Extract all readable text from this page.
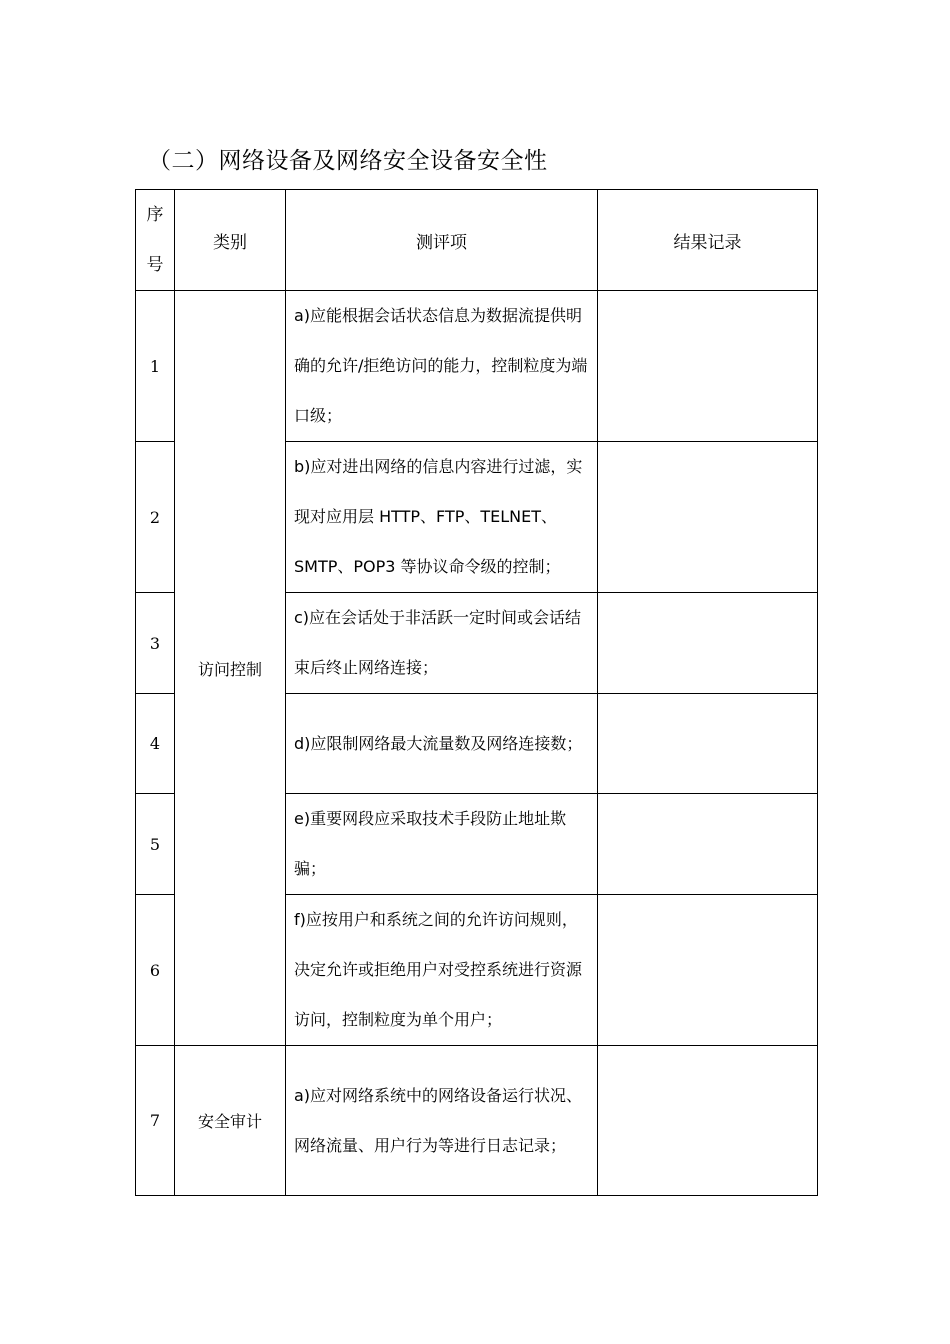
（二）网络设备及网络安全设备安全性
序号	类别	测评项	结果记录
1	访问控制	a)应能根据会话状态信息为数据流提供明确的允许/拒绝访问的能力，控制粒度为端口级；	
2		b)应对进出网络的信息内容进行过滤，实现对应用层 HTTP、FTP、TELNET、SMTP、POP3 等协议命令级的控制；	
3		c)应在会话处于非活跃一定时间或会话结束后终止网络连接；	
4		d)应限制网络最大流量数及网络连接数；	
5		e)重要网段应采取技术手段防止地址欺骗；	
6		f)应按用户和系统之间的允许访问规则，决定允许或拒绝用户对受控系统进行资源访问，控制粒度为单个用户；	
7	安全审计	a)应对网络系统中的网络设备运行状况、网络流量、用户行为等进行日志记录；	
